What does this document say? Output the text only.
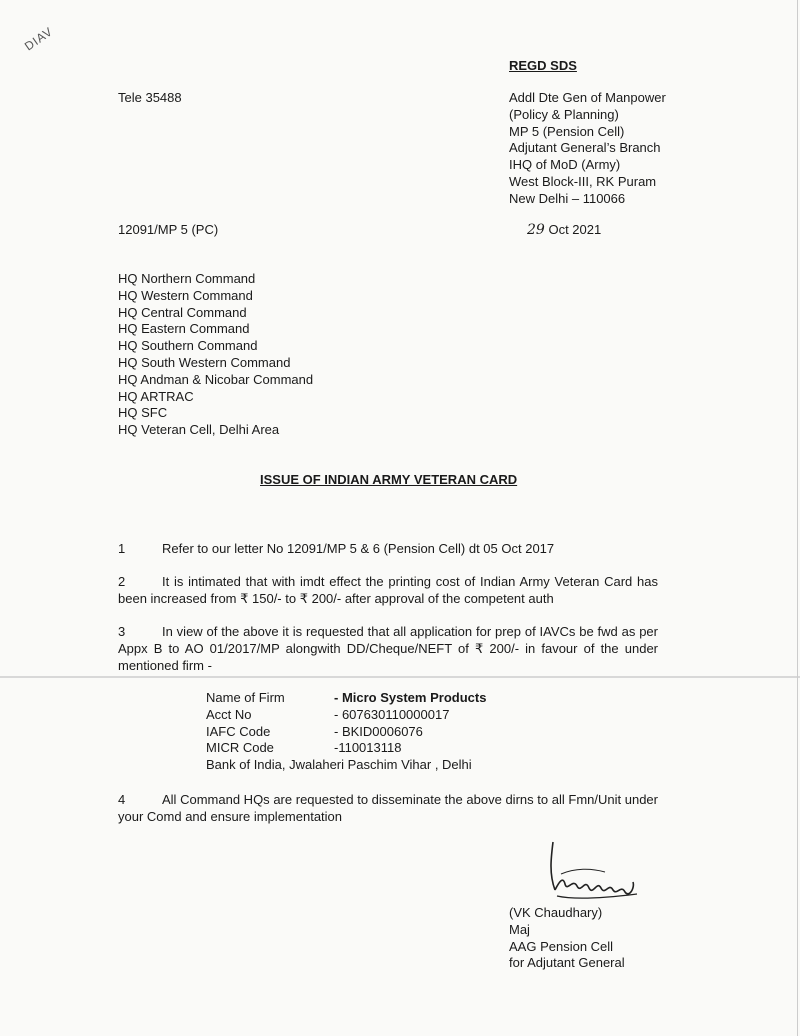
DIAV
REGD SDS
Tele 35488	Addl Dte Gen of Manpower
(Policy & Planning)
MP 5 (Pension Cell)
Adjutant General’s Branch
IHQ of MoD (Army)
West Block-III, RK Puram
New Delhi – 110066
12091/MP 5 (PC)	29 Oct 2021
HQ Northern Command
HQ Western Command
HQ Central Command
HQ Eastern Command
HQ Southern Command
HQ South Western Command
HQ Andman & Nicobar Command
HQ ARTRAC
HQ SFC
HQ Veteran Cell, Delhi Area
ISSUE OF INDIAN ARMY VETERAN CARD
1	Refer to our letter No 12091/MP 5 & 6 (Pension Cell) dt 05 Oct 2017
2	It is intimated that with imdt effect the printing cost of Indian Army Veteran Card has been increased from ₹ 150/- to ₹ 200/- after approval of the competent auth
3	In view of the above it is requested that all application for prep of IAVCs be fwd as per Appx B to AO 01/2017/MP alongwith DD/Cheque/NEFT of ₹ 200/- in favour of the under mentioned firm -
Name of Firm	- Micro System Products
Acct No	- 607630110000017
IAFC Code	- BKID0006076
MICR Code	-110013118
Bank of India, Jwalaheri Paschim Vihar , Delhi
4	All Command HQs are requested to disseminate the above dirns to all Fmn/Unit under your Comd and ensure implementation
(VK Chaudhary)
Maj
AAG Pension Cell
for Adjutant General
